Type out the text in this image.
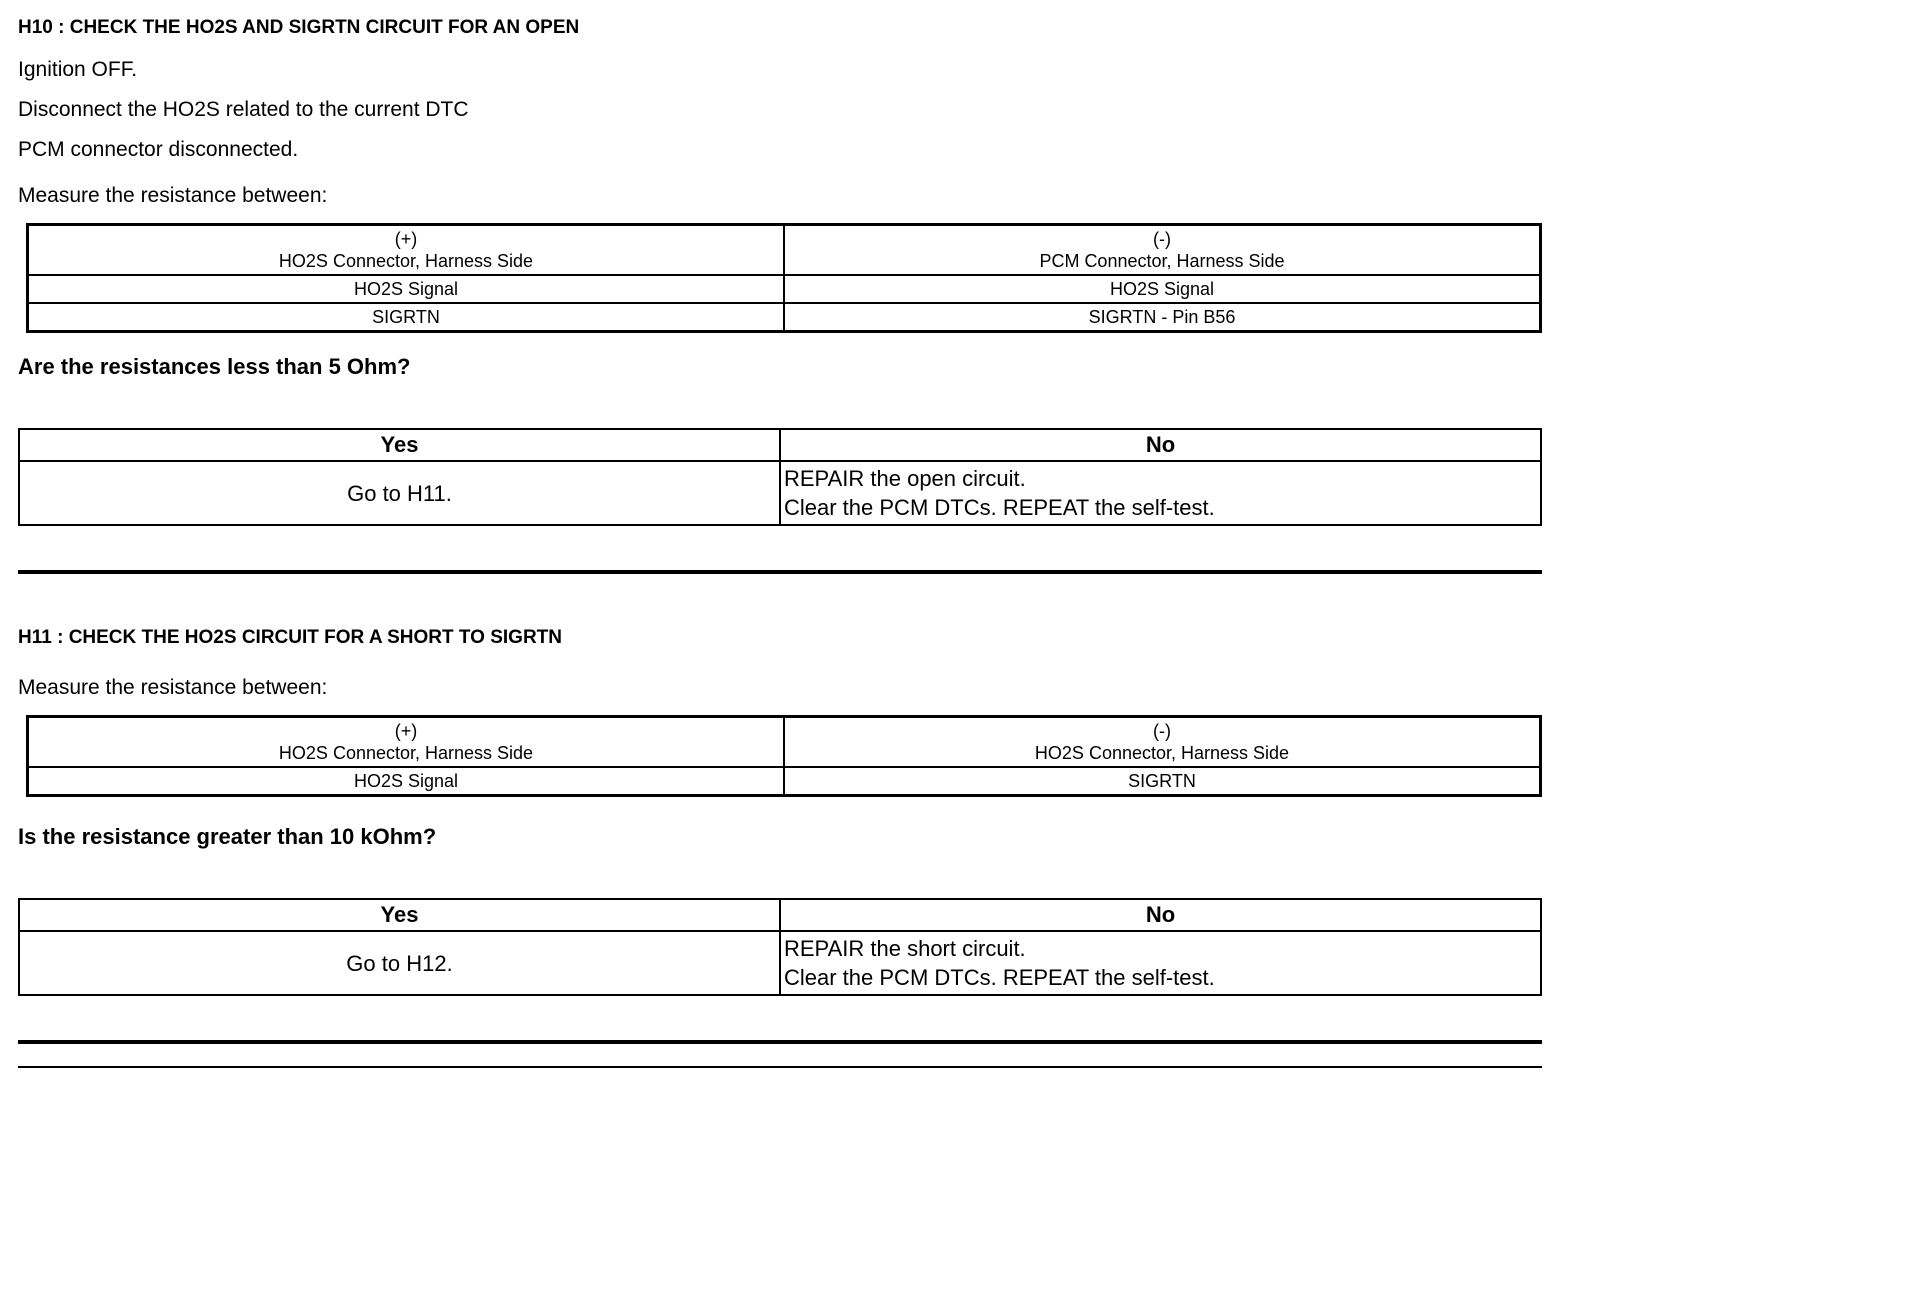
H10 : CHECK THE HO2S AND SIGRTN CIRCUIT FOR AN OPEN

Ignition OFF.

Disconnect the HO2S related to the current DTC

PCM connector disconnected.

Measure the resistance between:

(+)
HO2S Connector, Harness Side

(-)
PCM Connector, Harness Side

HO2S Signal	HO2S Signal
SIGRTN	SIGRTN - Pin B56

Are the resistances less than 5 Ohm?

Yes	No
Go to H11.	REPAIR the open circuit.
Clear the PCM DTCs. REPEAT the self-test.
H11 : CHECK THE HO2S CIRCUIT FOR A SHORT TO SIGRTN

Measure the resistance between:

(+)
HO2S Connector, Harness Side

(-)
HO2S Connector, Harness Side

HO2S Signal	SIGRTN

Is the resistance greater than 10 kOhm?

Yes	No
Go to H12.	REPAIR the short circuit.
Clear the PCM DTCs. REPEAT the self-test.
